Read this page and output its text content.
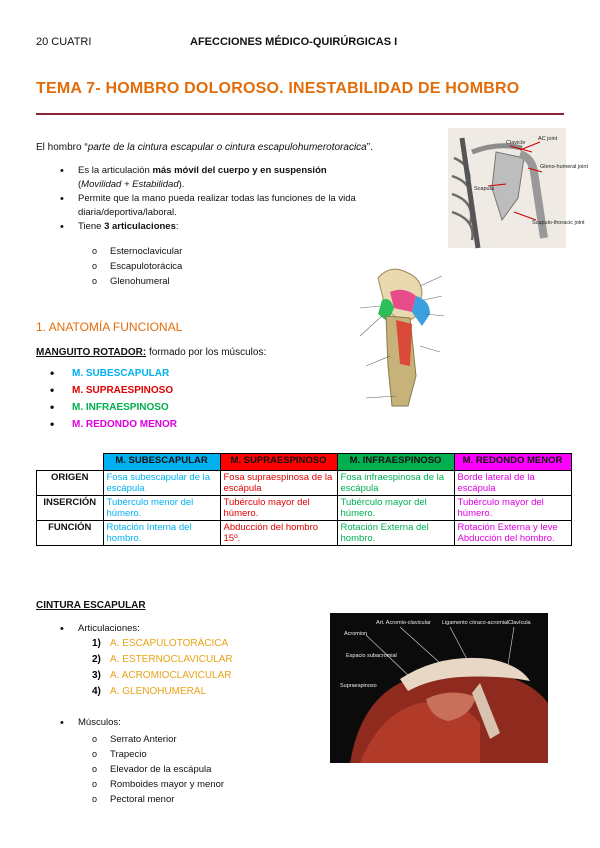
20 CUATRI	AFECCIONES MÉDICO-QUIRÚRGICAS I
TEMA 7- HOMBRO DOLOROSO. INESTABILIDAD DE HOMBRO
El hombro “parte de la cintura escapular o cintura escapulohumerotoracica”.
• Es la articulación más móvil del cuerpo y en suspensión (Movilidad + Estabilidad).
• Permite que la mano pueda realizar todas las funciones de la vida diaria/deportiva/laboral.
• Tiene 3 articulaciones:
o Esternoclavicular
o Escapulotorácica
o Glenohumeral
AC joint
Clavicle
Gleno-humeral joint
Scapula
Scapulo-thoracic joint
1. ANATOMÍA FUNCIONAL
MANGUITO ROTADOR: formado por los músculos:
• M. SUBESCAPULAR
• M. SUPRAESPINOSO
• M. INFRAESPINOSO
• M. REDONDO MENOR
	M. SUBESCAPULAR	M. SUPRAESPINOSO	M. INFRAESPINOSO	M. REDONDO MENOR
ORIGEN	Fosa subescapular de la escápula	Fosa supraespinosa de la escápula	Fosa infraespinosa de la escápula	Borde lateral de la escápula
INSERCIÓN	Tubérculo menor del húmero.	Tubérculo mayor del húmero.	Tubérculo mayor del húmero.	Tubérculo mayor del húmero.
FUNCIÓN	Rotación Interna del hombro.	Abducción del hombro 15º.	Rotación Externa del hombro.	Rotación Externa y leve Abducción del hombro.
CINTURA ESCAPULAR
• Articulaciones:
1) A. ESCAPULOTORÁCICA
2) A. ESTERNOCLAVICULAR
3) A. ACROMIOCLAVICULAR
4) A. GLENOHUMERAL
• Músculos:
o Serrato Anterior
o Trapecio
o Elevador de la escápula
o Romboides mayor y menor
o Pectoral menor
Art. Acromio-clavicular Ligamento córaco-acromial Clavícula
Acromion
Espacio subacromial
Supraespinoso
